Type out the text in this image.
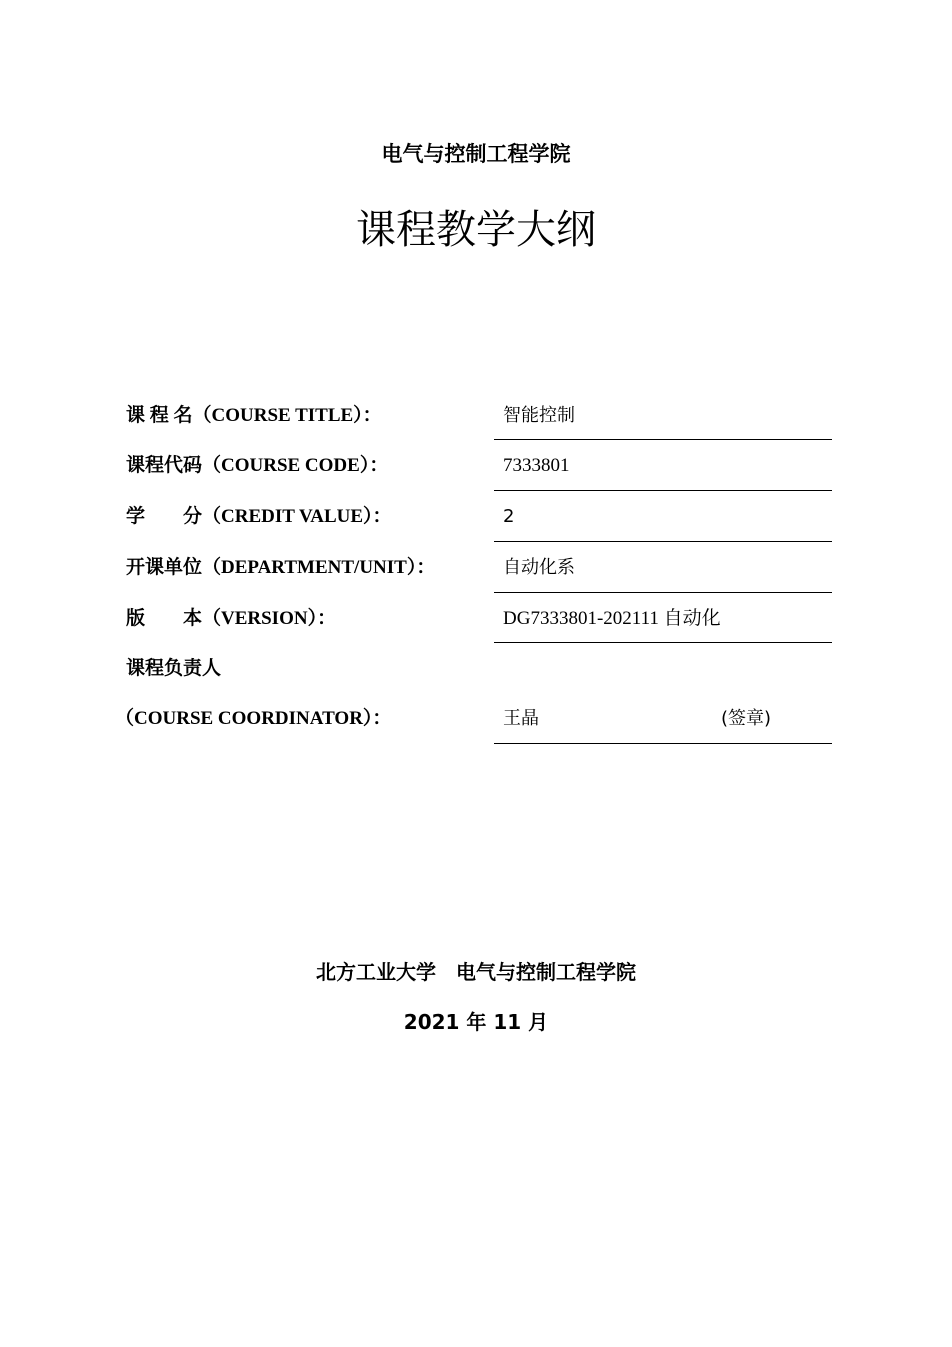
电气与控制工程学院
课程教学大纲
课 程 名（COURSE TITLE）：	智能控制
课程代码（COURSE CODE）：	7333801
学　　分（CREDIT VALUE）：	2
开课单位（DEPARTMENT/UNIT）：	自动化系
版　　本（VERSION）：	DG7333801-202111 自动化
课程负责人
（COURSE COORDINATOR）：	王晶	(签章)
北方工业大学　电气与控制工程学院
2021 年 11 月
